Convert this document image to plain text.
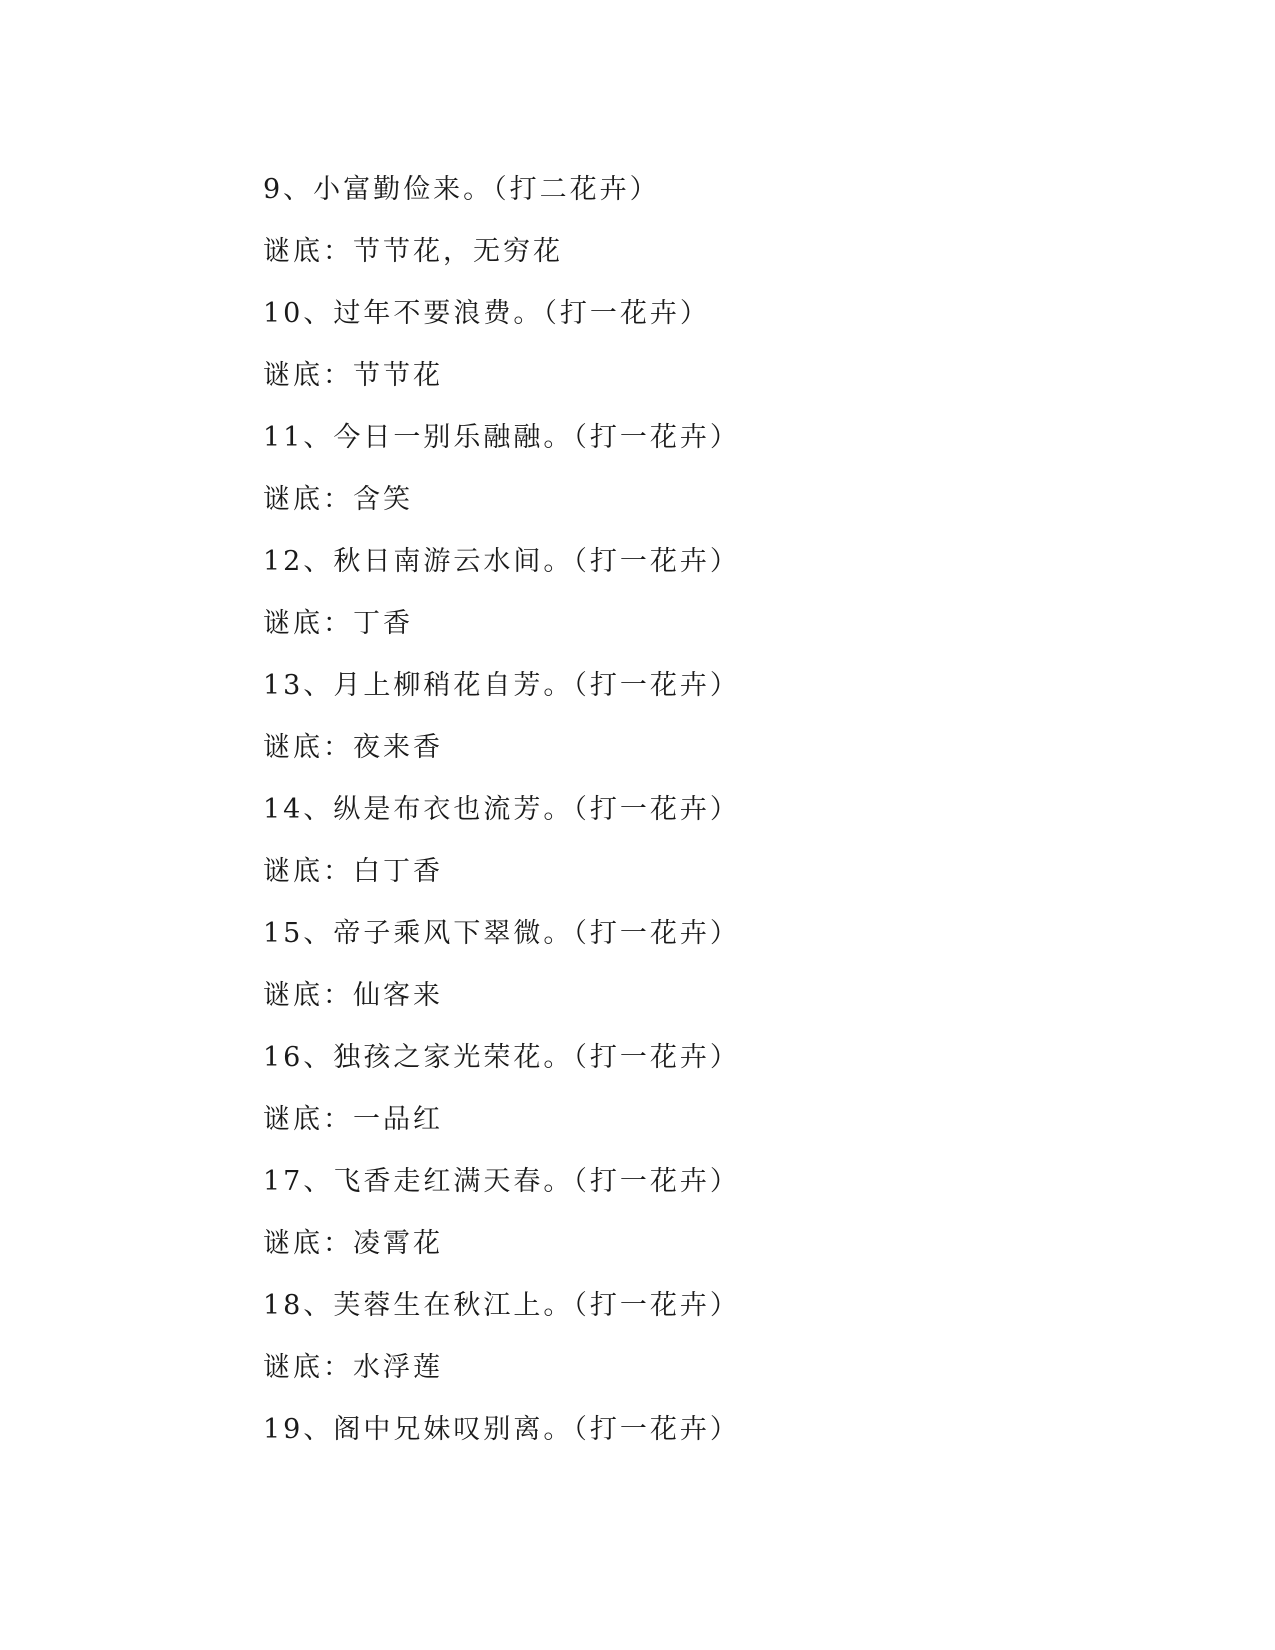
9、小富勤俭来。（打二花卉）
谜底：节节花，无穷花
10、过年不要浪费。（打一花卉）
谜底：节节花
11、今日一别乐融融。（打一花卉）
谜底：含笑
12、秋日南游云水间。（打一花卉）
谜底：丁香
13、月上柳稍花自芳。（打一花卉）
谜底：夜来香
14、纵是布衣也流芳。（打一花卉）
谜底：白丁香
15、帝子乘风下翠微。（打一花卉）
谜底：仙客来
16、独孩之家光荣花。（打一花卉）
谜底：一品红
17、飞香走红满天春。（打一花卉）
谜底：凌霄花
18、芙蓉生在秋江上。（打一花卉）
谜底：水浮莲
19、阁中兄妹叹别离。（打一花卉）
